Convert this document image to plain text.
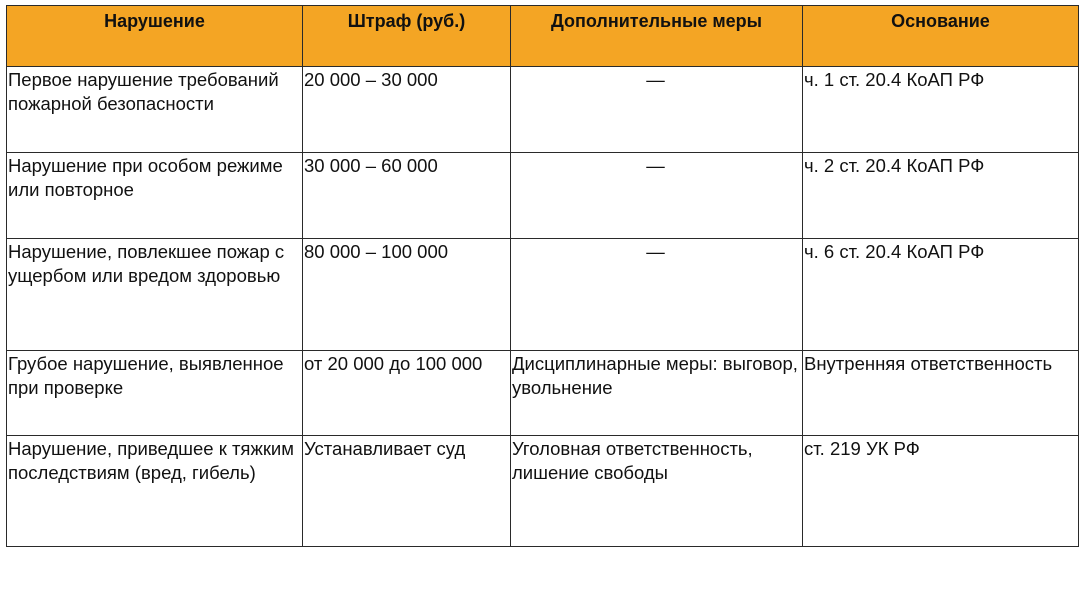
Нарушение	Штраф (руб.)	Дополнительные меры	Основание
Первое нарушение требований пожарной безопасности	20 000 – 30 000	—	ч. 1 ст. 20.4 КоАП РФ
Нарушение при особом режиме или повторное	30 000 – 60 000	—	ч. 2 ст. 20.4 КоАП РФ
Нарушение, повлекшее пожар с ущербом или вредом здоровью	80 000 – 100 000	—	ч. 6 ст. 20.4 КоАП РФ
Грубое нарушение, выявленное при проверке	от 20 000 до 100 000	Дисциплинарные меры: выговор, увольнение	Внутренняя ответственность
Нарушение, приведшее к тяжким последствиям (вред, гибель)	Устанавливает суд	Уголовная ответственность, лишение свободы	ст. 219 УК РФ
